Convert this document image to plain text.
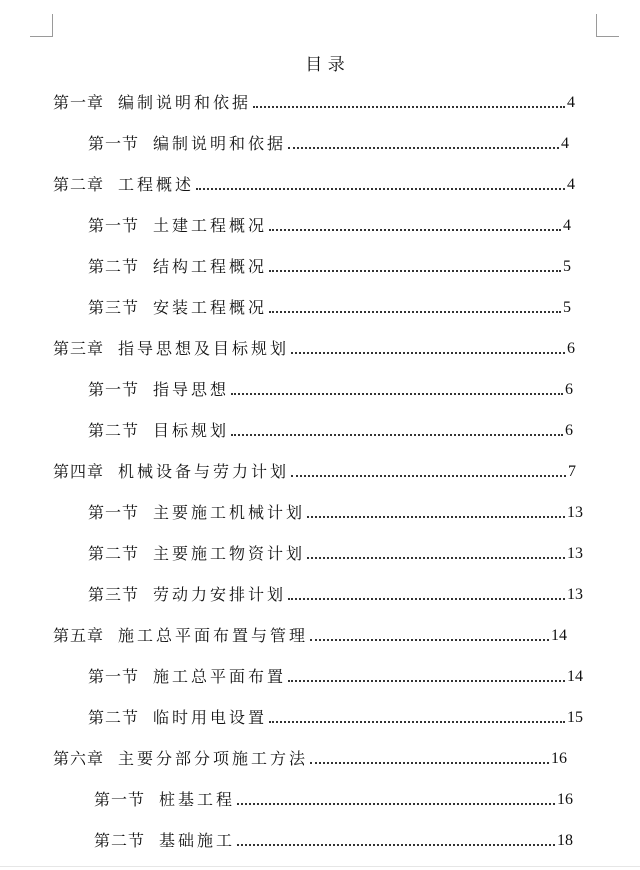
目 录
第一章 编制说明和依据	4
第一节 编制说明和依据	4
第二章 工程概述	4
第一节 土建工程概况	4
第二节 结构工程概况	5
第三节 安装工程概况	5
第三章 指导思想及目标规划	6
第一节 指导思想	6
第二节 目标规划	6
第四章 机械设备与劳力计划	7
第一节 主要施工机械计划	13
第二节 主要施工物资计划	13
第三节 劳动力安排计划	13
第五章 施工总平面布置与管理	14
第一节 施工总平面布置	14
第二节 临时用电设置	15
第六章 主要分部分项施工方法	16
第一节 桩基工程	16
第二节 基础施工	18
